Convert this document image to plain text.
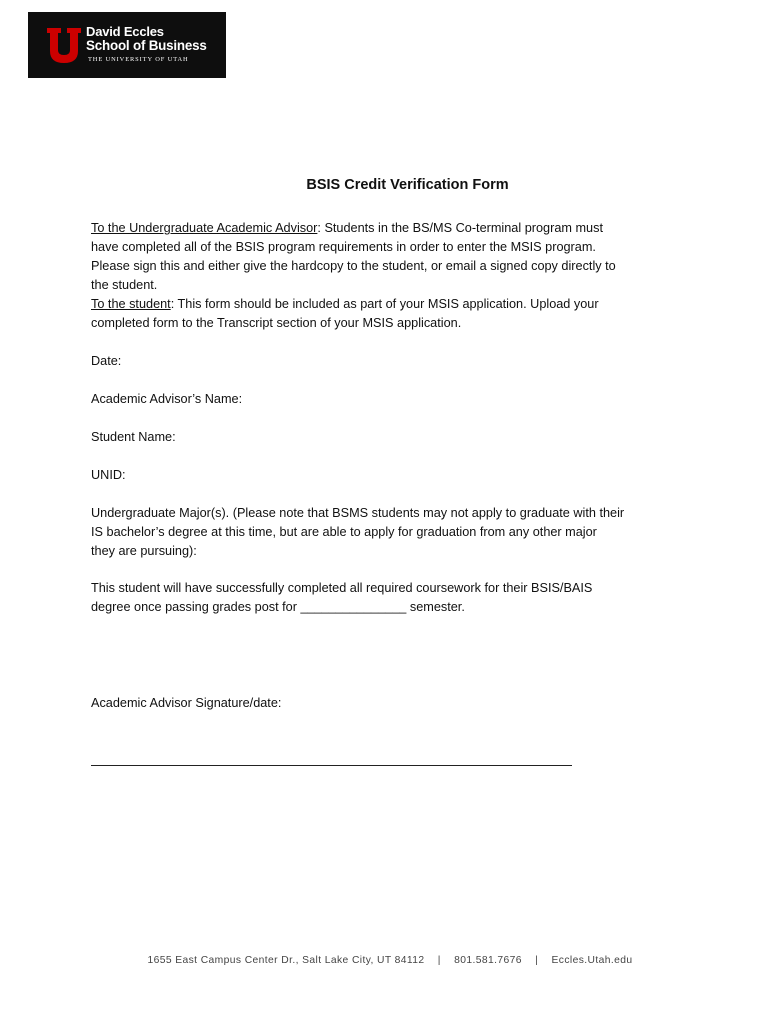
David Eccles
School of Business
THE UNIVERSITY OF UTAH
BSIS Credit Verification Form
To the Undergraduate Academic Advisor: Students in the BS/MS Co-terminal program must
have completed all of the BSIS program requirements in order to enter the MSIS program.
Please sign this and either give the hardcopy to the student, or email a signed copy directly to
the student.
To the student: This form should be included as part of your MSIS application. Upload your
completed form to the Transcript section of your MSIS application.
Date:
Academic Advisor’s Name:
Student Name:
UNID:
Undergraduate Major(s). (Please note that BSMS students may not apply to graduate with their
IS bachelor’s degree at this time, but are able to apply for graduation from any other major
they are pursuing):
This student will have successfully completed all required coursework for their BSIS/BAIS
degree once passing grades post for _______________ semester.
Academic Advisor Signature/date:
1655 East Campus Center Dr., Salt Lake City, UT 84112 | 801.581.7676 | Eccles.Utah.edu
